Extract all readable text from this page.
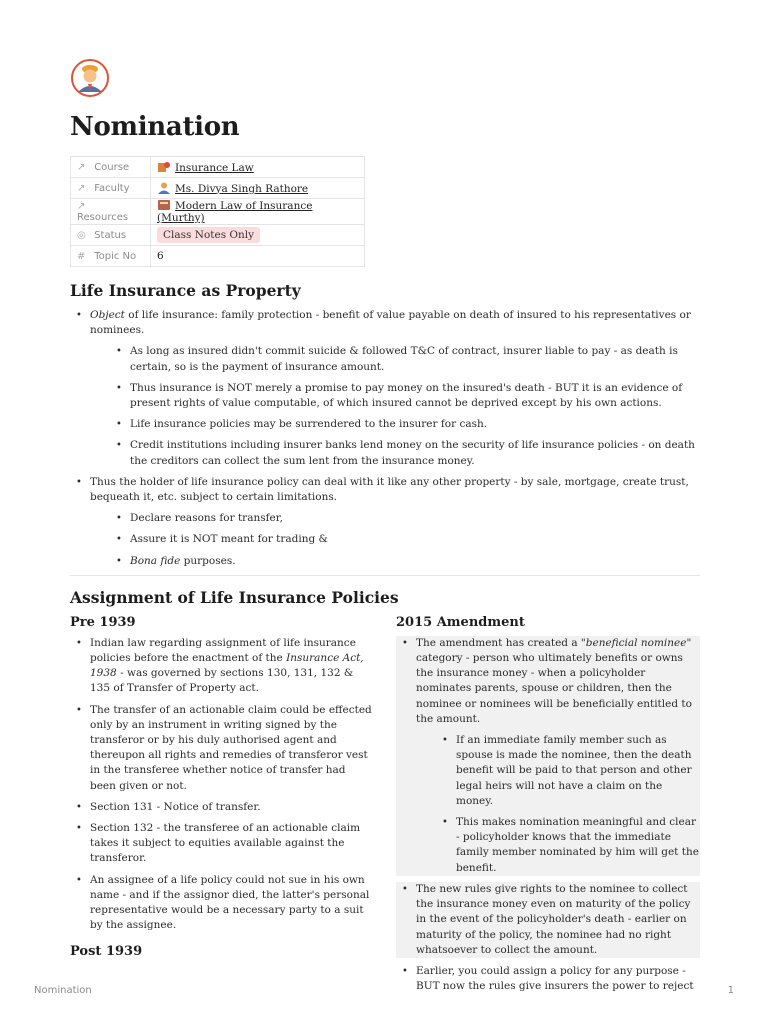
Nomination
↗ Course	Insurance Law
↗ Faculty	Ms. Divya Singh Rathore
↗ Resources	Modern Law of Insurance (Murthy)
◎ Status	Class Notes Only
# Topic No	6
Life Insurance as Property
• Object of life insurance: family protection - benefit of value payable on death of insured to his representatives or nominees.
• As long as insured didn't commit suicide & followed T&C of contract, insurer liable to pay - as death is certain, so is the payment of insurance amount.
• Thus insurance is NOT merely a promise to pay money on the insured's death - BUT it is an evidence of present rights of value computable, of which insured cannot be deprived except by his own actions.
• Life insurance policies may be surrendered to the insurer for cash.
• Credit institutions including insurer banks lend money on the security of life insurance policies - on death the creditors can collect the sum lent from the insurance money.
• Thus the holder of life insurance policy can deal with it like any other property - by sale, mortgage, create trust, bequeath it, etc. subject to certain limitations.
• Declare reasons for transfer,
• Assure it is NOT meant for trading &
• Bona fide purposes.
Assignment of Life Insurance Policies
Pre 1939
• Indian law regarding assignment of life insurance policies before the enactment of the Insurance Act, 1938 - was governed by sections 130, 131, 132 & 135 of Transfer of Property act.
• The transfer of an actionable claim could be effected only by an instrument in writing signed by the transferor or by his duly authorised agent and thereupon all rights and remedies of transferor vest in the transferee whether notice of transfer had been given or not.
• Section 131 - Notice of transfer.
• Section 132 - the transferee of an actionable claim takes it subject to equities available against the transferor.
• An assignee of a life policy could not sue in his own name - and if the assignor died, the latter's personal representative would be a necessary party to a suit by the assignee.
Post 1939
2015 Amendment
• The amendment has created a "beneficial nominee" category - person who ultimately benefits or owns the insurance money - when a policyholder nominates parents, spouse or children, then the nominee or nominees will be beneficially entitled to the amount.
• If an immediate family member such as spouse is made the nominee, then the death benefit will be paid to that person and other legal heirs will not have a claim on the money.
• This makes nomination meaningful and clear - policyholder knows that the immediate family member nominated by him will get the benefit.
• The new rules give rights to the nominee to collect the insurance money even on maturity of the policy in the event of the policyholder's death - earlier on maturity of the policy, the nominee had no right whatsoever to collect the amount.
• Earlier, you could assign a policy for any purpose - BUT now the rules give insurers the power to reject
Nomination	1
